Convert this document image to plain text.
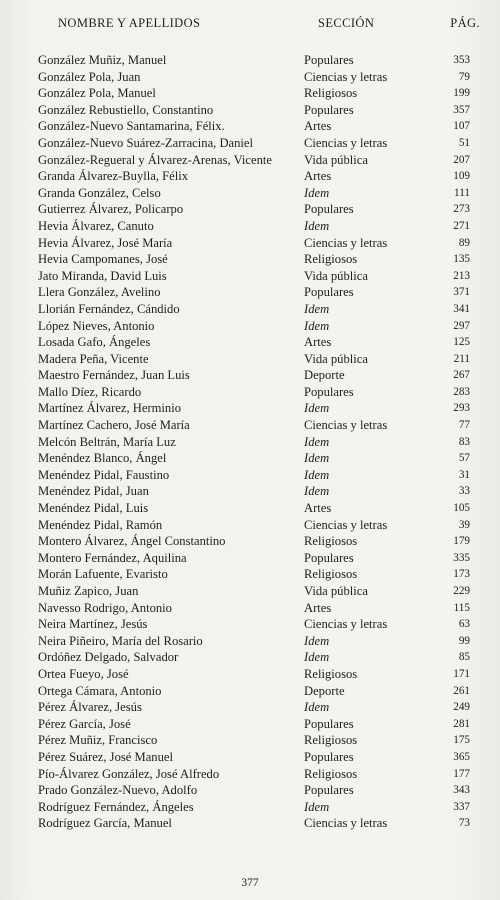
NOMBRE Y APELLIDOS	SECCIÓN	PÁG.
González Muñiz, Manuel	Populares	353
González Pola, Juan	Ciencias y letras	79
González Pola, Manuel	Religiosos	199
González Rebustiello, Constantino	Populares	357
González-Nuevo Santamarina, Félix.	Artes	107
González-Nuevo Suárez-Zarracina, Daniel	Ciencias y letras	51
González-Regueral y Álvarez-Arenas, Vicente	Vida pública	207
Granda Álvarez-Buylla, Félix	Artes	109
Granda González, Celso	Idem	111
Gutierrez Álvarez, Policarpo	Populares	273
Hevia Álvarez, Canuto	Idem	271
Hevia Álvarez, José María	Ciencias y letras	89
Hevia Campomanes, José	Religiosos	135
Jato Miranda, David Luis	Vida pública	213
Llera González, Avelino	Populares	371
Llorián Fernández, Cándido	Idem	341
López Nieves, Antonio	Idem	297
Losada Gafo, Ángeles	Artes	125
Madera Peña, Vicente	Vida pública	211
Maestro Fernández, Juan Luis	Deporte	267
Mallo Díez, Ricardo	Populares	283
Martínez Álvarez, Herminio	Idem	293
Martínez Cachero, José María	Ciencias y letras	77
Melcón Beltrán, María Luz	Idem	83
Menéndez Blanco, Ángel	Idem	57
Menéndez Pidal, Faustino	Idem	31
Menéndez Pidal, Juan	Idem	33
Menéndez Pidal, Luis	Artes	105
Menéndez Pidal, Ramón	Ciencias y letras	39
Montero Álvarez, Ángel Constantino	Religiosos	179
Montero Fernández, Aquilina	Populares	335
Morán Lafuente, Evaristo	Religiosos	173
Muñiz Zapico, Juan	Vida pública	229
Navesso Rodrigo, Antonio	Artes	115
Neira Martínez, Jesús	Ciencias y letras	63
Neira Piñeiro, María del Rosario	Idem	99
Ordóñez Delgado, Salvador	Idem	85
Ortea Fueyo, José	Religiosos	171
Ortega Cámara, Antonio	Deporte	261
Pérez Álvarez, Jesús	Idem	249
Pérez García, José	Populares	281
Pérez Muñiz, Francisco	Religiosos	175
Pérez Suárez, José Manuel	Populares	365
Pío-Álvarez González, José Alfredo	Religiosos	177
Prado González-Nuevo, Adolfo	Populares	343
Rodríguez Fernández, Ángeles	Idem	337
Rodríguez García, Manuel	Ciencias y letras	73
377
